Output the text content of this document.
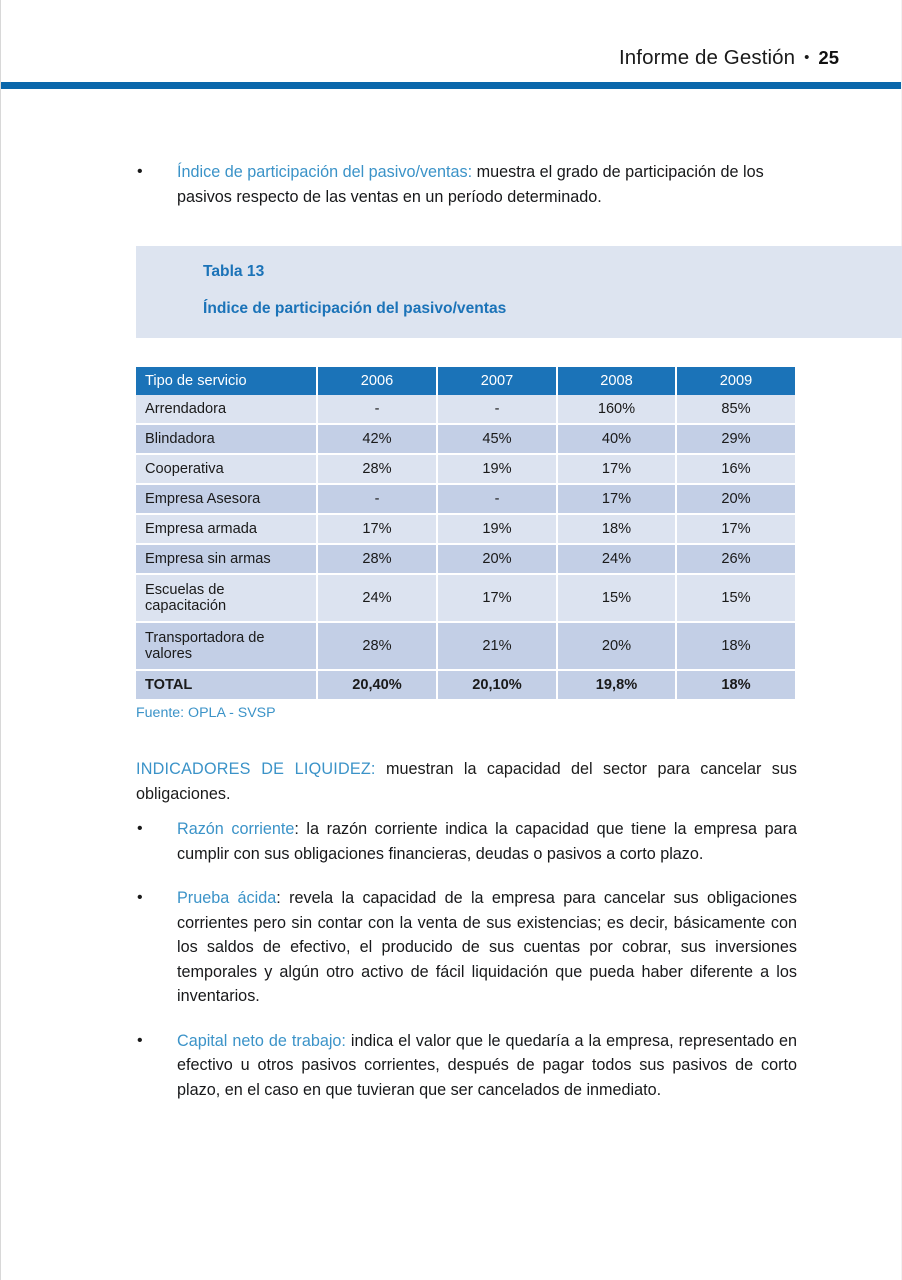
Informe de Gestión • 25
•	Índice de participación del pasivo/ventas: muestra el grado de participación de los pasivos respecto de las ventas en un período determinado.
Tabla 13
Índice de participación del pasivo/ventas
Tipo de servicio	2006	2007	2008	2009
Arrendadora	-	-	160%	85%
Blindadora	42%	45%	40%	29%
Cooperativa	28%	19%	17%	16%
Empresa Asesora	-	-	17%	20%
Empresa armada	17%	19%	18%	17%
Empresa sin armas	28%	20%	24%	26%
Escuelas de capacitación	24%	17%	15%	15%
Transportadora de valores	28%	21%	20%	18%
TOTAL	20,40%	20,10%	19,8%	18%
Fuente: OPLA - SVSP
INDICADORES DE LIQUIDEZ: muestran la capacidad del sector para cancelar sus obligaciones.
•	Razón corriente: la razón corriente indica la capacidad que tiene la empresa para cumplir con sus obligaciones financieras, deudas o pasivos a corto plazo.
•	Prueba ácida: revela la capacidad de la empresa para cancelar sus obligaciones corrientes pero sin contar con la venta de sus existencias; es decir, básicamente con los saldos de efectivo, el producido de sus cuentas por cobrar, sus inversiones temporales y algún otro activo de fácil liquidación que pueda haber diferente a los inventarios.
•	Capital neto de trabajo: indica el valor que le quedaría a la empresa, representado en efectivo u otros pasivos corrientes, después de pagar todos sus pasivos de corto plazo, en el caso en que tuvieran que ser cancelados de inmediato.
